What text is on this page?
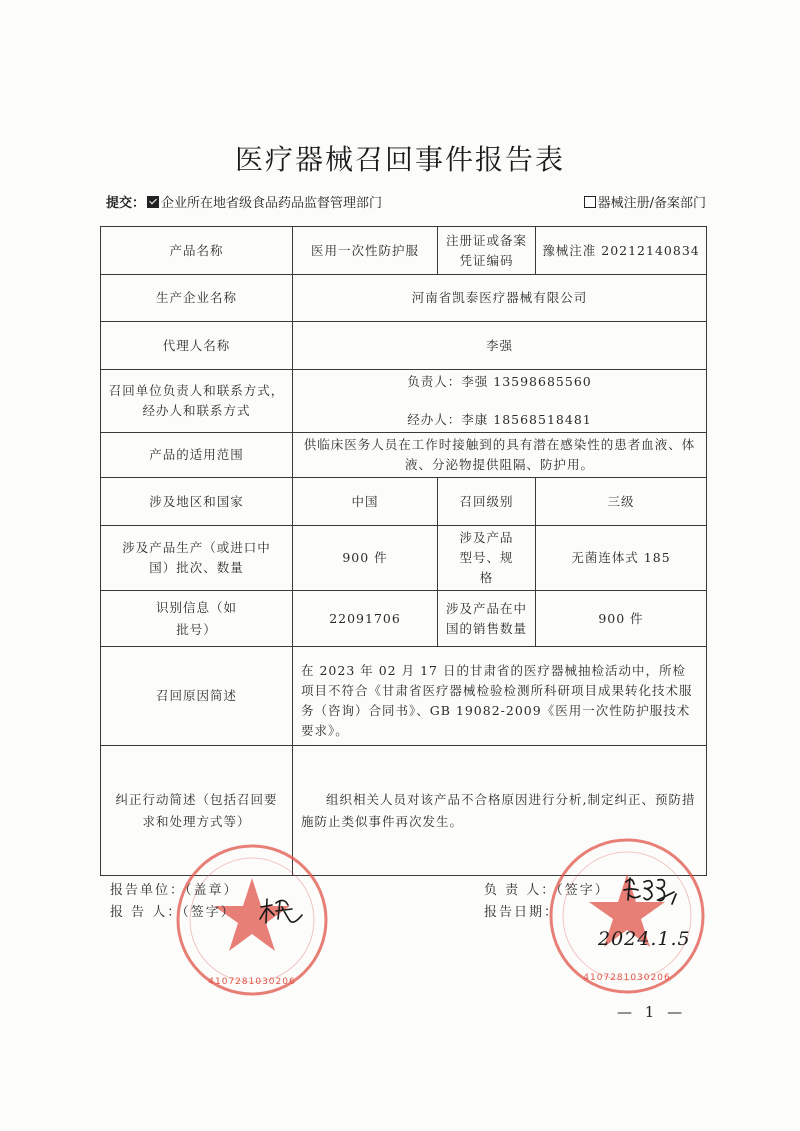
医疗器械召回事件报告表
提交： 企业所在地省级食品药品监督管理部门	器械注册/备案部门
产品名称	医用一次性防护服	注册证或备案凭证编码	豫械注准 20212140834
生产企业名称	河南省凯泰医疗器械有限公司		
代理人名称	李强		
召回单位负责人和联系方式，经办人和联系方式	负责人：李强 13598685560
经办人：李康 18568518481		

产品的适用范围	供临床医务人员在工作时接触到的具有潜在感染性的患者血液、体液、分泌物提供阻隔、防护用。		
涉及地区和国家	中国	召回级别	三级
涉及产品生产（或进口中国）批次、数量	900 件	涉及产品型号、规格	无菌连体式 185
识别信息（如批号）	22091706	涉及产品在中国的销售数量	900 件
召回原因简述	在 2023 年 02 月 17 日的甘肃省的医疗器械抽检活动中，所检项目不符合《甘肃省医疗器械检验检测所科研项目成果转化技术服务（咨询）合同书》、GB 19082-2009《医用一次性防护服技术要求》。		
纠正行动简述（包括召回要求和处理方式等）	组织相关人员对该产品不合格原因进行分析,制定纠正、预防措施防止类似事件再次发生。		
4107281030206	4107281030206
报告单位：（盖章）
报 告 人：（签字）
负 责 人：（签字）
报告日期：
2024.1.5
— 1 —
